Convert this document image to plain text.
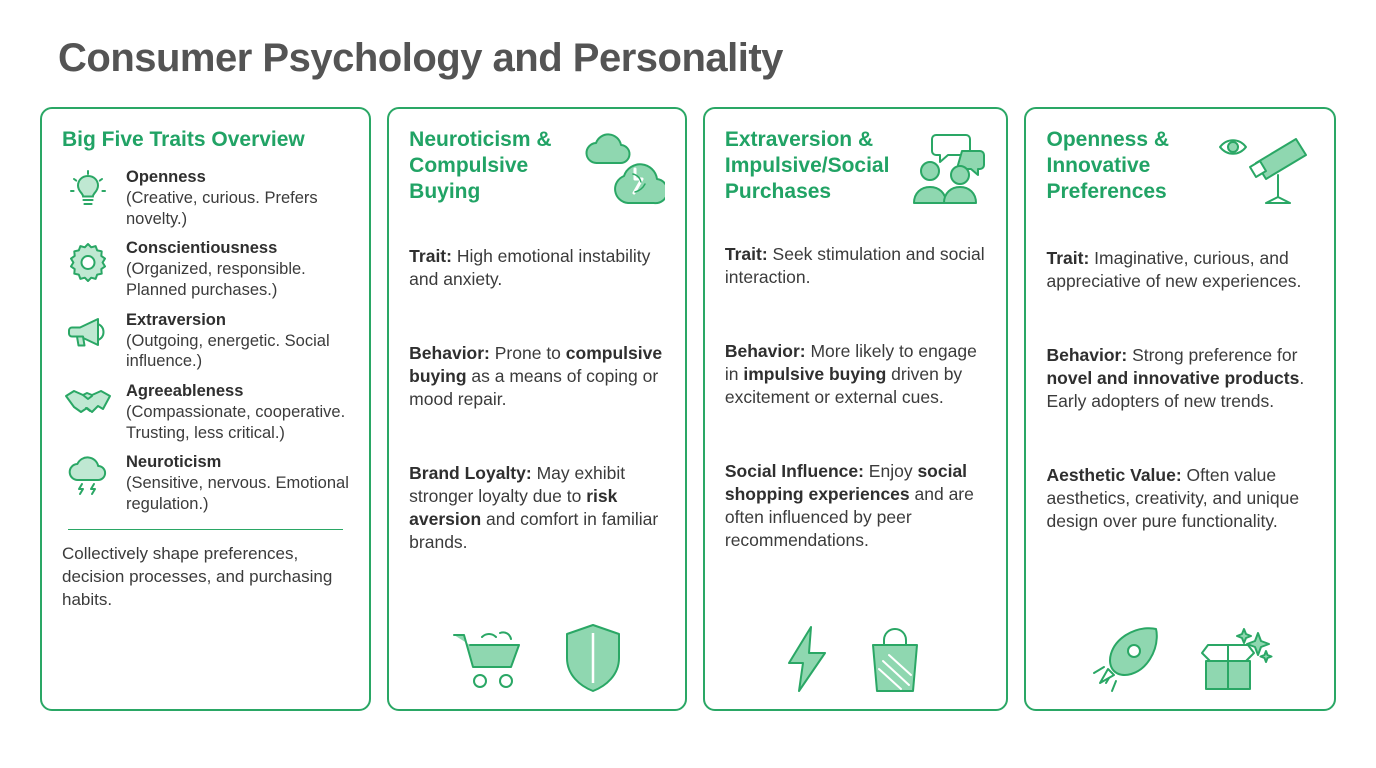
Consumer Psychology and Personality
Big Five Traits Overview
Openness
(Creative, curious. Prefers novelty.)
Conscientiousness
(Organized, responsible. Planned purchases.)
Extraversion
(Outgoing, energetic. Social influence.)
Agreeableness
(Compassionate, cooperative. Trusting, less critical.)
Neuroticism
(Sensitive, nervous. Emotional regulation.)
Collectively shape preferences, decision processes, and purchasing habits.
Neuroticism & Compulsive Buying

Trait: High emotional instability and anxiety.

Behavior: Prone to compulsive buying as a means of coping or mood repair.

Brand Loyalty: May exhibit stronger loyalty due to risk aversion and comfort in familiar brands.

Extraversion & Impulsive/Social Purchases

Trait: Seek stimulation and social interaction.

Behavior: More likely to engage in impulsive buying driven by excitement or external cues.

Social Influence: Enjoy social shopping experiences and are often influenced by peer recommendations.

Openness & Innovative Preferences

Trait: Imaginative, curious, and appreciative of new experiences.

Behavior: Strong preference for novel and innovative products. Early adopters of new trends.

Aesthetic Value: Often value aesthetics, creativity, and unique design over pure functionality.
